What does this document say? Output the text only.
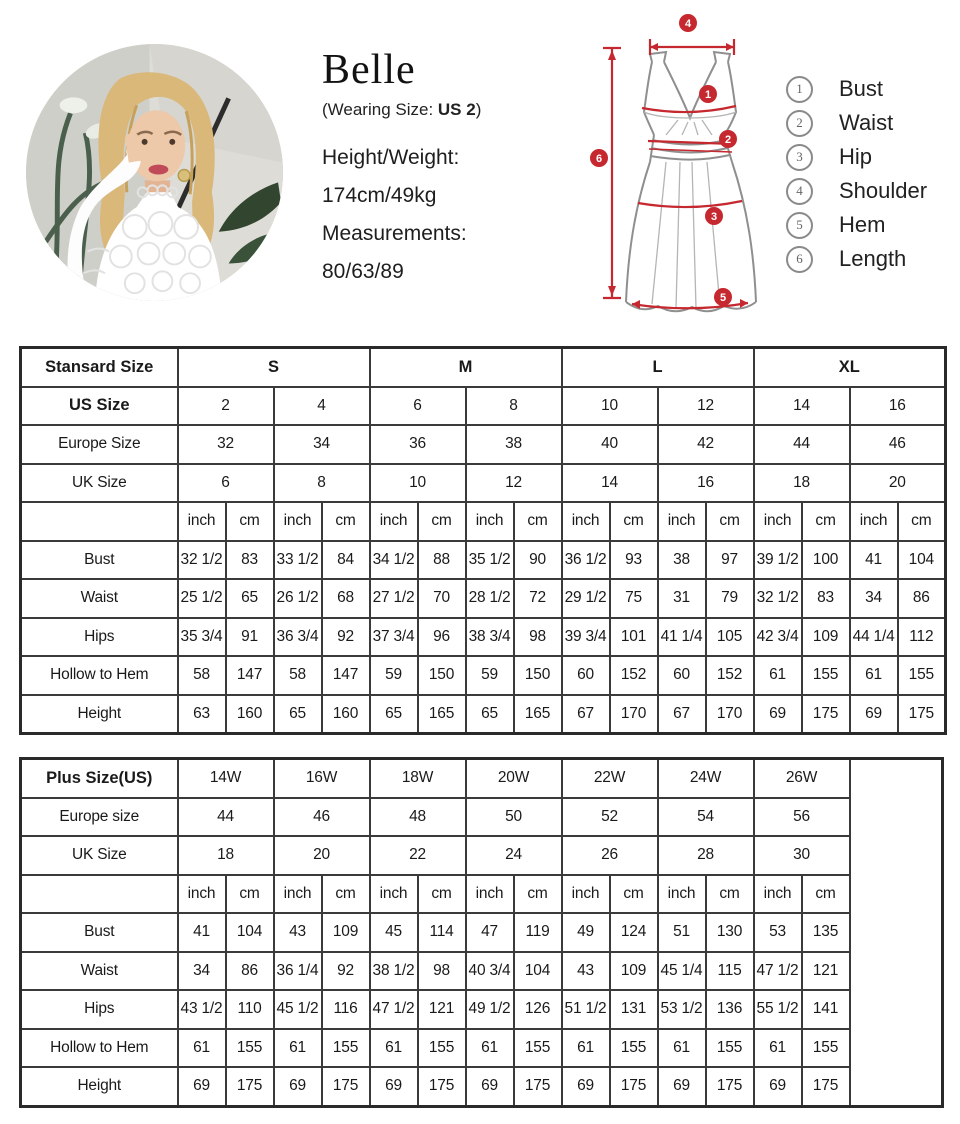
Belle
(Wearing Size: US 2)
Height/Weight:
174cm/49kg
Measurements:
80/63/89
1
2
3
4
5
6
1	Bust
2	Waist
3	Hip
4	Shoulder
5	Hem
6	Length
Stansard Size	S				M				L				XL			
US Size	2		4		6		8		10		12		14		16	
Europe Size	32		34		36		38		40		42		44		46	
UK Size	6		8		10		12		14		16		18		20	
	inch	cm	inch	cm	inch	cm	inch	cm	inch	cm	inch	cm	inch	cm	inch	cm
Bust	32 1/2	83	33 1/2	84	34 1/2	88	35 1/2	90	36 1/2	93	38	97	39 1/2	100	41	104
Waist	25 1/2	65	26 1/2	68	27 1/2	70	28 1/2	72	29 1/2	75	31	79	32 1/2	83	34	86
Hips	35 3/4	91	36 3/4	92	37 3/4	96	38 3/4	98	39 3/4	101	41 1/4	105	42 3/4	109	44 1/4	112
Hollow to Hem	58	147	58	147	59	150	59	150	60	152	60	152	61	155	61	155
Height	63	160	65	160	65	165	65	165	67	170	67	170	69	175	69	175
Plus Size(US)	14W		16W		18W		20W		22W		24W		26W		
Europe size	44		46		48		50		52		54		56		
UK Size	18		20		22		24		26		28		30		
	inch	cm	inch	cm	inch	cm	inch	cm	inch	cm	inch	cm	inch	cm	
Bust	41	104	43	109	45	114	47	119	49	124	51	130	53	135	
Waist	34	86	36 1/4	92	38 1/2	98	40 3/4	104	43	109	45 1/4	115	47 1/2	121	
Hips	43 1/2	110	45 1/2	116	47 1/2	121	49 1/2	126	51 1/2	131	53 1/2	136	55 1/2	141	
Hollow to Hem	61	155	61	155	61	155	61	155	61	155	61	155	61	155	
Height	69	175	69	175	69	175	69	175	69	175	69	175	69	175	
